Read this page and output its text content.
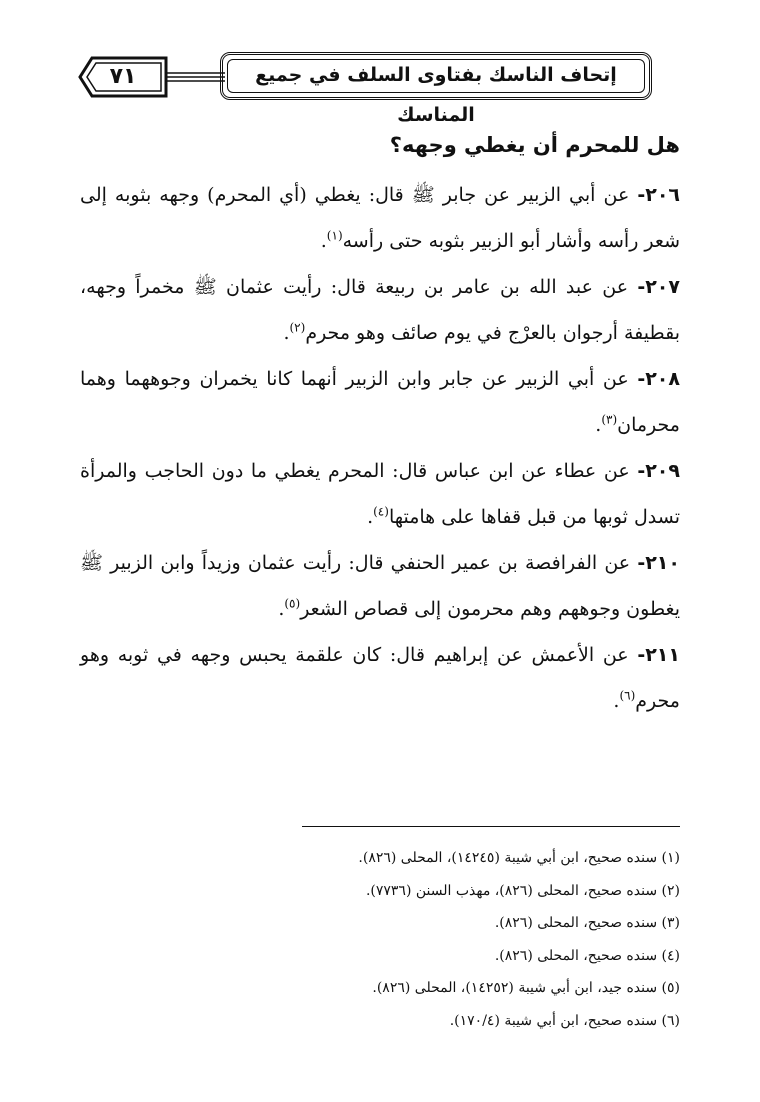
٧١	إتحاف الناسك بفتاوى السلف في جميع المناسك
هل للمحرم أن يغطي وجهه؟

٢٠٦- عن أبي الزبير عن جابر ﷺ قال: يغطي (أي المحرم) وجهه بثوبه إلى شعر رأسه وأشار أبو الزبير بثوبه حتى رأسه$^{(١)}$.

٢٠٧- عن عبد الله بن عامر بن ربيعة قال: رأيت عثمان ﷺ مخمراً وجهه، بقطيفة أرجوان بالعرْج في يوم صائف وهو محرم$^{(٢)}$.

٢٠٨- عن أبي الزبير عن جابر وابن الزبير أنهما كانا يخمران وجوههما وهما محرمان$^{(٣)}$.

٢٠٩- عن عطاء عن ابن عباس قال: المحرم يغطي ما دون الحاجب والمرأة تسدل ثوبها من قبل قفاها على هامتها$^{(٤)}$.

٢١٠- عن الفرافصة بن عمير الحنفي قال: رأيت عثمان وزيداً وابن الزبير ﷺ يغطون وجوههم وهم محرمون إلى قصاص الشعر$^{(٥)}$.

٢١١- عن الأعمش عن إبراهيم قال: كان علقمة يحبس وجهه في ثوبه وهو محرم$^{(٦)}$.

(١) سنده صحيح، ابن أبي شيبة (١٤٢٤٥)، المحلى (٨٢٦).

(٢) سنده صحيح، المحلى (٨٢٦)، مهذب السنن (٧٧٣٦).

(٣) سنده صحيح، المحلى (٨٢٦).

(٤) سنده صحيح، المحلى (٨٢٦).

(٥) سنده جيد، ابن أبي شيبة (١٤٢٥٢)، المحلى (٨٢٦).

(٦) سنده صحيح، ابن أبي شيبة (١٧٠/٤).
